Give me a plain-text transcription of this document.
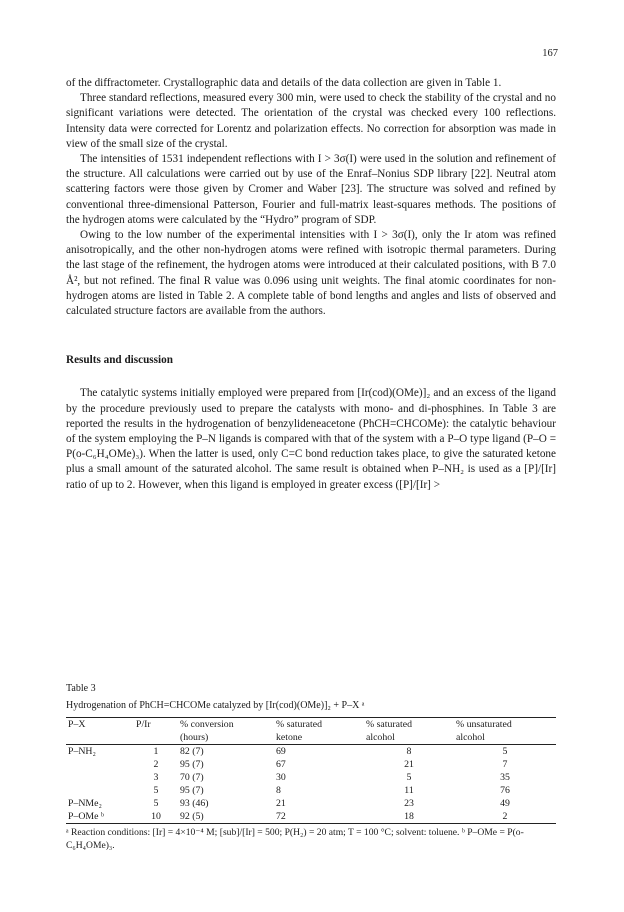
167

of the diffractometer. Crystallographic data and details of the data collection are given in Table 1.

Three standard reflections, measured every 300 min, were used to check the stability of the crystal and no significant variations were detected. The orientation of the crystal was checked every 100 reflections. Intensity data were corrected for Lorentz and polarization effects. No correction for absorption was made in view of the small size of the crystal.

The intensities of 1531 independent reflections with I > 3σ(I) were used in the solution and refinement of the structure. All calculations were carried out by use of the Enraf–Nonius SDP library [22]. Neutral atom scattering factors were those given by Cromer and Waber [23]. The structure was solved and refined by conventional three-dimensional Patterson, Fourier and full-matrix least-squares methods. The positions of the hydrogen atoms were calculated by the “Hydro” program of SDP.

Owing to the low number of the experimental intensities with I > 3σ(I), only the Ir atom was refined anisotropically, and the other non-hydrogen atoms were refined with isotropic thermal parameters. During the last stage of the refinement, the hydrogen atoms were introduced at their calculated positions, with B 7.0 Å², but not refined. The final R value was 0.096 using unit weights. The final atomic coordinates for non-hydrogen atoms are listed in Table 2. A complete table of bond lengths and angles and lists of observed and calculated structure factors are available from the authors.

Results and discussion

The catalytic systems initially employed were prepared from [Ir(cod)(OMe)]₂ and an excess of the ligand by the procedure previously used to prepare the catalysts with mono- and di-phosphines. In Table 3 are reported the results in the hydrogenation of benzylideneacetone (PhCH=CHCOMe): the catalytic behaviour of the system employing the P–N ligands is compared with that of the system with a P–O type ligand (P–O = P(o-C₆H₄OMe)₃). When the latter is used, only C=C bond reduction takes place, to give the saturated ketone plus a small amount of the saturated alcohol. The same result is obtained when P–NH₂ is used as a [P]/[Ir] ratio of up to 2. However, when this ligand is employed in greater excess ([P]/[Ir] >

Table 3
Hydrogenation of PhCH=CHCOMe catalyzed by [Ir(cod)(OMe)]₂ + P–X ᵃ
P–X	P/Ir	% conversion	% saturated	% saturated	% unsaturated
		(hours)	ketone	alcohol	alcohol
P–NH₂	1	82 (7)	69	8	5
	2	95 (7)	67	21	7
	3	70 (7)	30	5	35
	5	95 (7)	8	11	76
P–NMe₂	5	93 (46)	21	23	49
P–OMe ᵇ	10	92 (5)	72	18	2
ᵃ Reaction conditions: [Ir] = 4×10⁻⁴ M; [sub]/[Ir] = 500; P(H₂) = 20 atm; T = 100 °C; solvent: toluene. ᵇ P–OMe = P(o-C₆H₄OMe)₃.
